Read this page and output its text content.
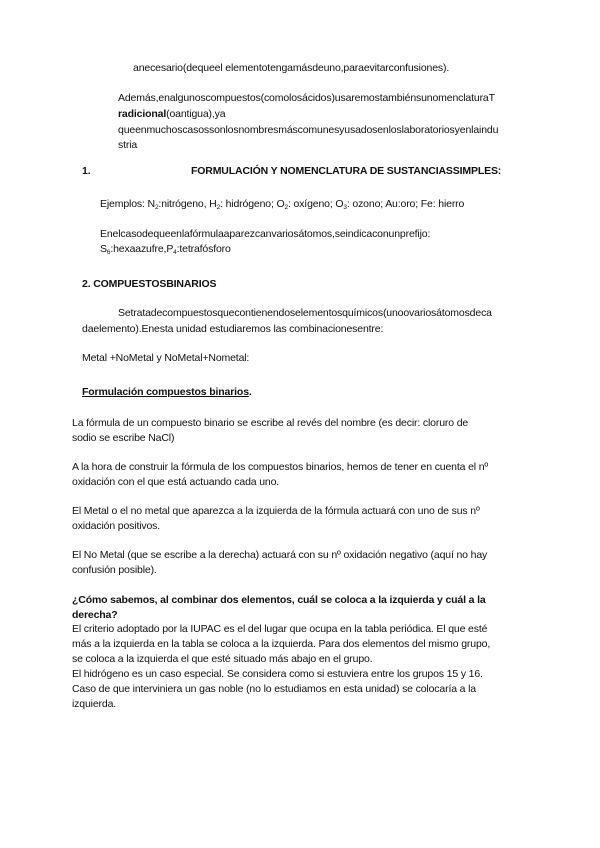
anecesario(dequeel elementotengamásdeuno,paraevitarconfusiones).

Además,enalgunoscompuestos(comolosácidos)usaremostambiénsunomenclaturaT

radicional(oantigua),ya

queenmuchoscasossonlosnombresmáscomunesyusadosenloslaboratoriosyenlaindu

stria

1.	FORMULACIÓN Y NOMENCLATURA DE SUSTANCIASSIMPLES:

Ejemplos: $N_2:nitrógeno$, $H_2$: hidrógeno; $O_2$: oxígeno; $O_3$: ozono; Au:oro; Fe: hierro

Enelcasodequeenlafórmulaaparezcanvariosátomos,seindicaconunprefijo:

$S_6:hexaazufre,P_4:tetrafósforo$

2. COMPUESTOSBINARIOS

Setratadecompuestosquecontienendoselementosquímicos(unoovariosátomosdeca

daelemento).Enesta unidad estudiaremos las combinacionesentre:

Metal +NoMetal y NoMetal+Nometal:

Formulación compuestos binarios.

La fórmula de un compuesto binario se escribe al revés del nombre (es decir: cloruro de

sodio se escribe NaCl)

A la hora de construir la fórmula de los compuestos binarios, hemos de tener en cuenta el nº

oxidación con el que está actuando cada uno.

El Metal o el no metal que aparezca a la izquierda de la fórmula actuará con uno de sus nº

oxidación positivos.

El No Metal (que se escribe a la derecha) actuará con su nº oxidación negativo (aquí no hay

confusión posible).

¿Cómo sabemos, al combinar dos elementos, cuál se coloca a la izquierda y cuál a la

derecha?

El criterio adoptado por la IUPAC es el del lugar que ocupa en la tabla periódica. El que esté

más a la izquierda en la tabla se coloca a la izquierda. Para dos elementos del mismo grupo,

se coloca a la izquierda el que esté situado más abajo en el grupo.

El hidrógeno es un caso especial. Se considera como si estuviera entre los grupos 15 y 16.

Caso de que interviniera un gas noble (no lo estudiamos en esta unidad) se colocaría a la

izquierda.
